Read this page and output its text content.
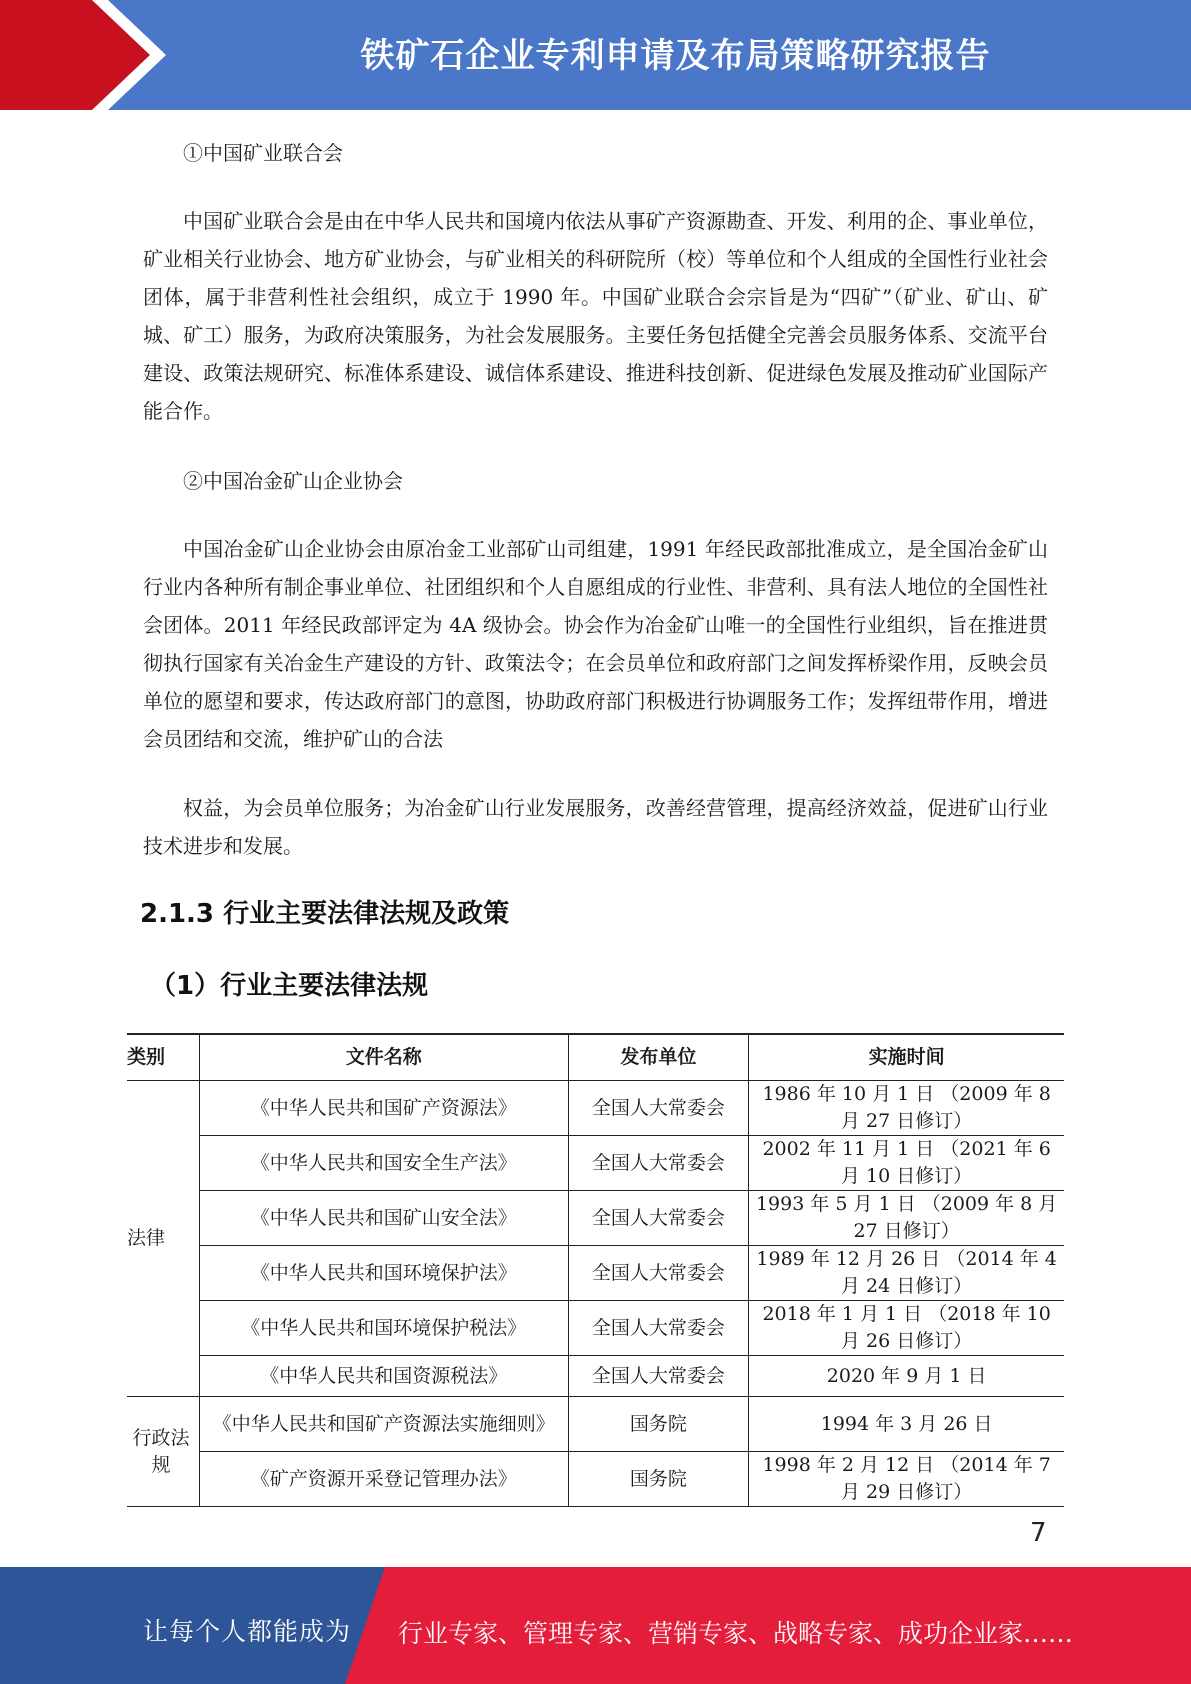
铁矿石企业专利申请及布局策略研究报告

①中国矿业联合会

中国矿业联合会是由在中华人民共和国境内依法从事矿产资源勘查、开发、利用的企、事业单位，矿业相关行业协会、地方矿业协会，与矿业相关的科研院所（校）等单位和个人组成的全国性行业社会团体，属于非营利性社会组织，成立于 1990 年。中国矿业联合会宗旨是为“四矿”（矿业、矿山、矿城、矿工）服务，为政府决策服务，为社会发展服务。主要任务包括健全完善会员服务体系、交流平台建设、政策法规研究、标准体系建设、诚信体系建设、推进科技创新、促进绿色发展及推动矿业国际产能合作。

②中国冶金矿山企业协会

中国冶金矿山企业协会由原冶金工业部矿山司组建，1991 年经民政部批准成立，是全国冶金矿山行业内各种所有制企事业单位、社团组织和个人自愿组成的行业性、非营利、具有法人地位的全国性社会团体。2011 年经民政部评定为 4A 级协会。协会作为冶金矿山唯一的全国性行业组织，旨在推进贯彻执行国家有关冶金生产建设的方针、政策法令；在会员单位和政府部门之间发挥桥梁作用，反映会员单位的愿望和要求，传达政府部门的意图，协助政府部门积极进行协调服务工作；发挥纽带作用，增进会员团结和交流，维护矿山的合法

权益，为会员单位服务；为冶金矿山行业发展服务，改善经营管理，提高经济效益，促进矿山行业技术进步和发展。

2.1.3 行业主要法律法规及政策
（1）行业主要法律法规
类别	文件名称	发布单位	实施时间
法律	《中华人民共和国矿产资源法》	全国人大常委会	1986 年 10 月 1 日 （2009 年 8 月 27 日修订）
	《中华人民共和国安全生产法》	全国人大常委会	2002 年 11 月 1 日 （2021 年 6 月 10 日修订）
	《中华人民共和国矿山安全法》	全国人大常委会	1993 年 5 月 1 日 （2009 年 8 月 27 日修订）
	《中华人民共和国环境保护法》	全国人大常委会	1989 年 12 月 26 日 （2014 年 4 月 24 日修订）
	《中华人民共和国环境保护税法》	全国人大常委会	2018 年 1 月 1 日 （2018 年 10 月 26 日修订）
	《中华人民共和国资源税法》	全国人大常委会	2020 年 9 月 1 日
行政法规	《中华人民共和国矿产资源法实施细则》	国务院	1994 年 3 月 26 日
	《矿产资源开采登记管理办法》	国务院	1998 年 2 月 12 日 （2014 年 7 月 29 日修订）
7
让每个人都能成为 行业专家、管理专家、营销专家、战略专家、成功企业家……
